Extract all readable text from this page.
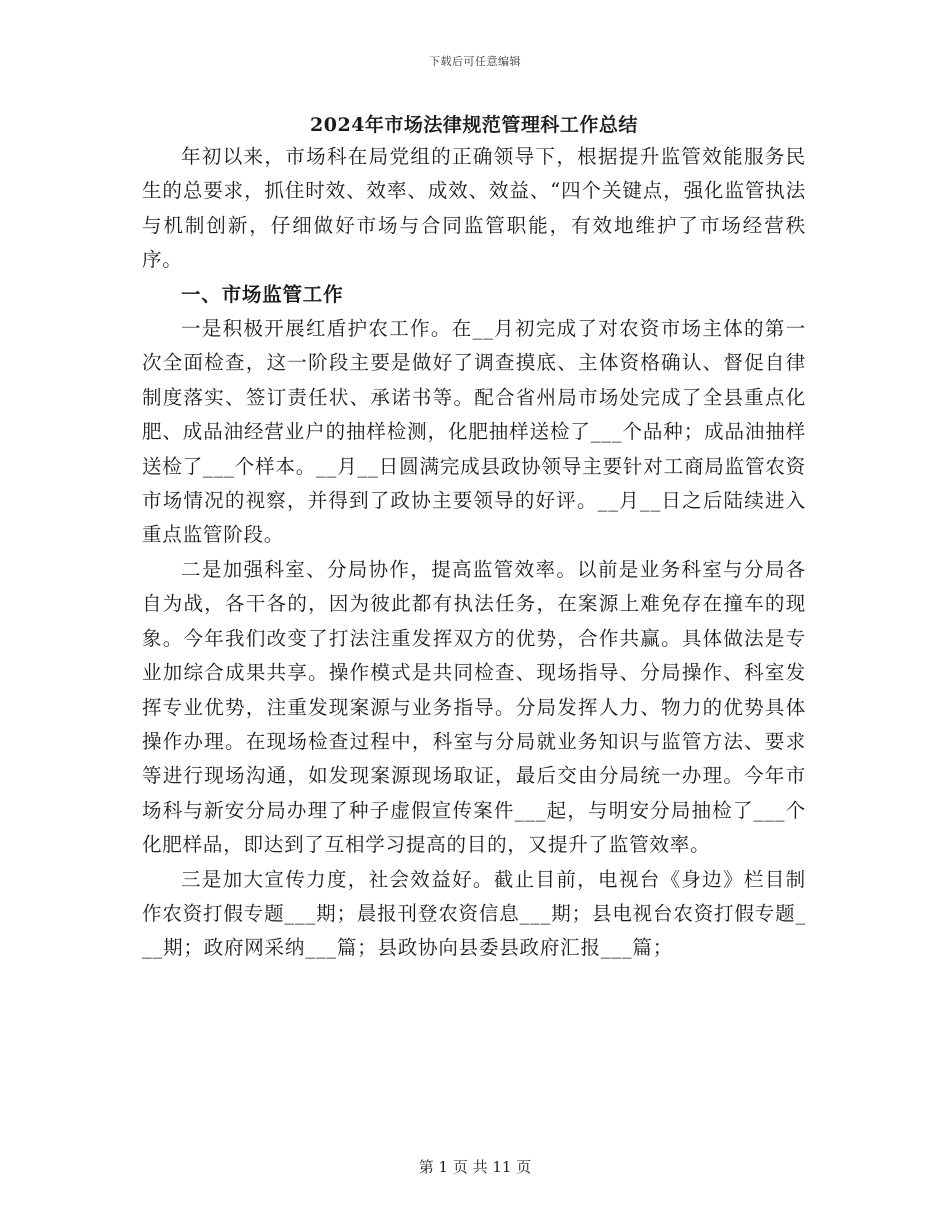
下载后可任意编辑
2024年市场法律规范管理科工作总结

年初以来，市场科在局党组的正确领导下，根据提升监管效能服务民生的总要求，抓住时效、效率、成效、效益、“四个关键点，强化监管执法与机制创新，仔细做好市场与合同监管职能，有效地维护了市场经营秩序。

一、市场监管工作

一是积极开展红盾护农工作。在__月初完成了对农资市场主体的第一次全面检查，这一阶段主要是做好了调查摸底、主体资格确认、督促自律制度落实、签订责任状、承诺书等。配合省州局市场处完成了全县重点化肥、成品油经营业户的抽样检测，化肥抽样送检了___个品种；成品油抽样送检了___个样本。__月__日圆满完成县政协领导主要针对工商局监管农资市场情况的视察，并得到了政协主要领导的好评。__月__日之后陆续进入重点监管阶段。

二是加强科室、分局协作，提高监管效率。以前是业务科室与分局各自为战，各干各的，因为彼此都有执法任务，在案源上难免存在撞车的现象。今年我们改变了打法注重发挥双方的优势，合作共赢。具体做法是专业加综合成果共享。操作模式是共同检查、现场指导、分局操作、科室发挥专业优势，注重发现案源与业务指导。分局发挥人力、物力的优势具体操作办理。在现场检查过程中，科室与分局就业务知识与监管方法、要求等进行现场沟通，如发现案源现场取证，最后交由分局统一办理。今年市场科与新安分局办理了种子虚假宣传案件___起，与明安分局抽检了___个化肥样品，即达到了互相学习提高的目的，又提升了监管效率。

三是加大宣传力度，社会效益好。截止目前，电视台《身边》栏目制作农资打假专题___期；晨报刊登农资信息___期；县电视台农资打假专题___期；政府网采纳___篇；县政协向县委县政府汇报___篇；

第 1 页 共 11 页
